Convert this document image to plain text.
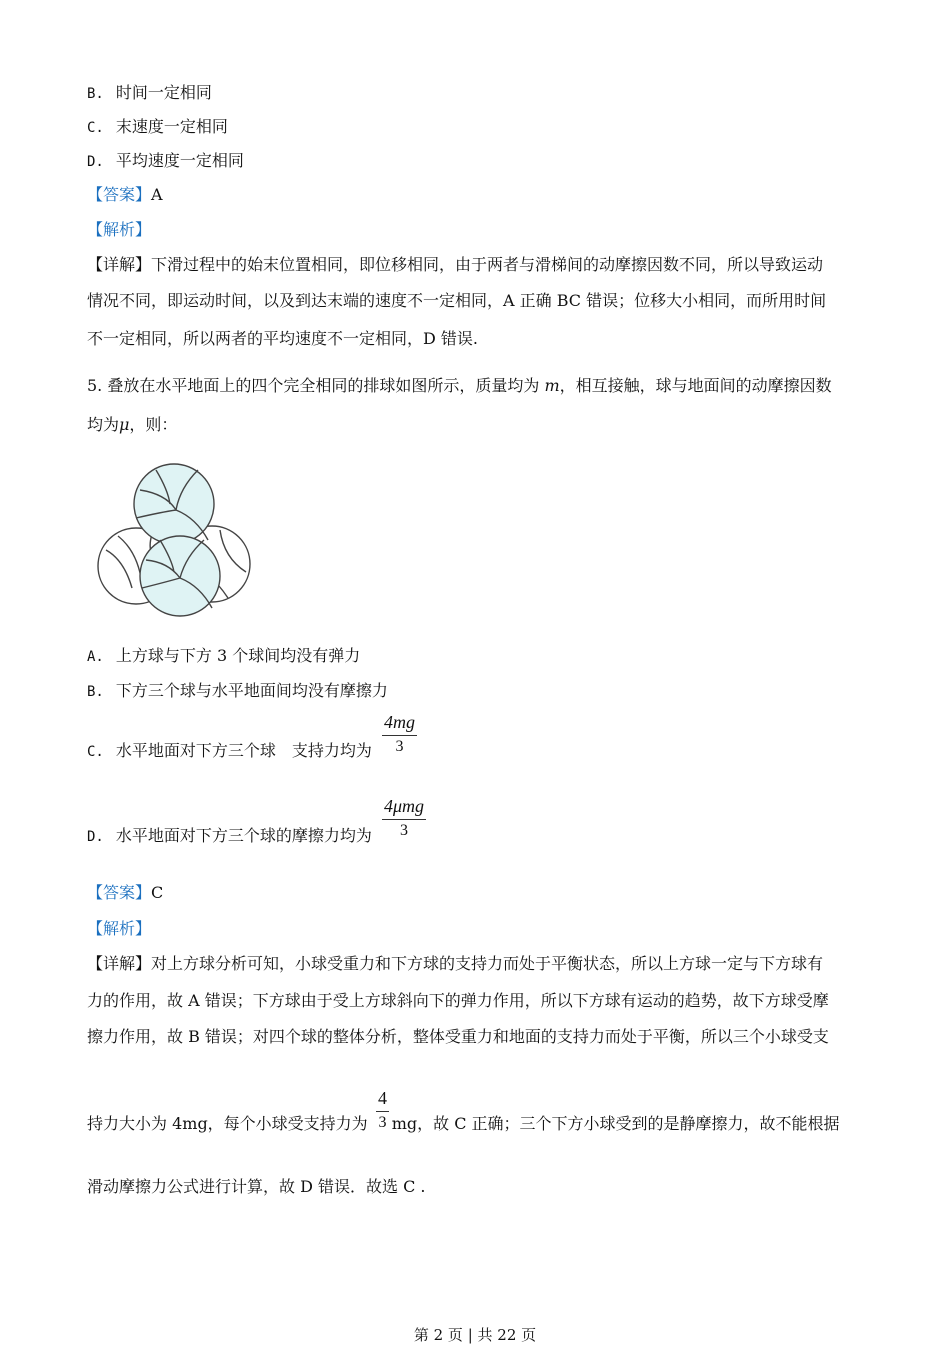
B. 时间一定相同
C. 末速度一定相同
D. 平均速度一定相同
【答案】A
【解析】
【详解】下滑过程中的始末位置相同，即位移相同，由于两者与滑梯间的动摩擦因数不同，所以导致运动
情况不同，即运动时间，以及到达末端的速度不一定相同，A 正确 BC 错误；位移大小相同，而所用时间
不一定相同，所以两者的平均速度不一定相同，D 错误.
5. 叠放在水平地面上的四个完全相同的排球如图所示，质量均为 m，相互接触，球与地面间的动摩擦因数
均为μ，则：
A. 上方球与下方 3 个球间均没有弹力
B. 下方三个球与水平地面间均没有摩擦力
C. 水平地面对下方三个球　支持力均为
4mg
3
D. 水平地面对下方三个球的摩擦力均为
4μmg
3
【答案】C
【解析】
【详解】对上方球分析可知，小球受重力和下方球的支持力而处于平衡状态，所以上方球一定与下方球有
力的作用，故 A 错误；下方球由于受上方球斜向下的弹力作用，所以下方球有运动的趋势，故下方球受摩
擦力作用，故 B 错误；对四个球的整体分析，整体受重力和地面的支持力而处于平衡，所以三个小球受支
持力大小为 4mg，每个小球受支持力为 mg，故 C 正确；三个下方小球受到的是静摩擦力，故不能根据
4
3
滑动摩擦力公式进行计算，故 D 错误．故选 C .
第 2 页 | 共 22 页
